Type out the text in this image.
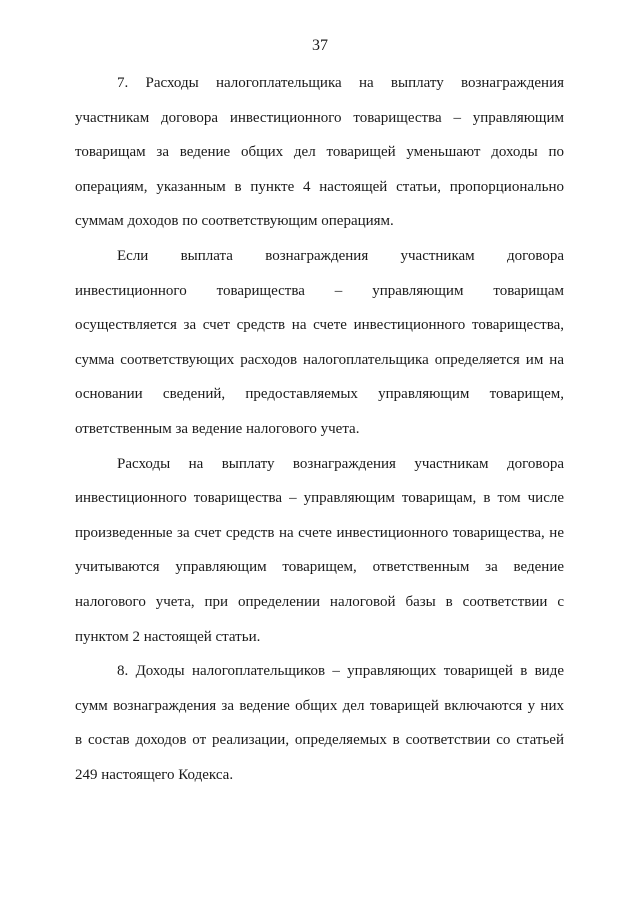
37

7. Расходы налогоплательщика на выплату вознаграждения
участникам договора инвестиционного товарищества – управляющим
товарищам за ведение общих дел товарищей уменьшают доходы по
операциям, указанным в пункте 4 настоящей статьи, пропорционально
суммам доходов по соответствующим операциям.

Если выплата вознаграждения участникам договора
инвестиционного товарищества – управляющим товарищам
осуществляется за счет средств на счете инвестиционного товарищества,
сумма соответствующих расходов налогоплательщика определяется им на
основании сведений, предоставляемых управляющим товарищем,
ответственным за ведение налогового учета.

Расходы на выплату вознаграждения участникам договора
инвестиционного товарищества – управляющим товарищам, в том числе
произведенные за счет средств на счете инвестиционного товарищества, не
учитываются управляющим товарищем, ответственным за ведение
налогового учета, при определении налоговой базы в соответствии с
пунктом 2 настоящей статьи.

8. Доходы налогоплательщиков – управляющих товарищей в виде
сумм вознаграждения за ведение общих дел товарищей включаются у них
в состав доходов от реализации, определяемых в соответствии со статьей
249 настоящего Кодекса.
